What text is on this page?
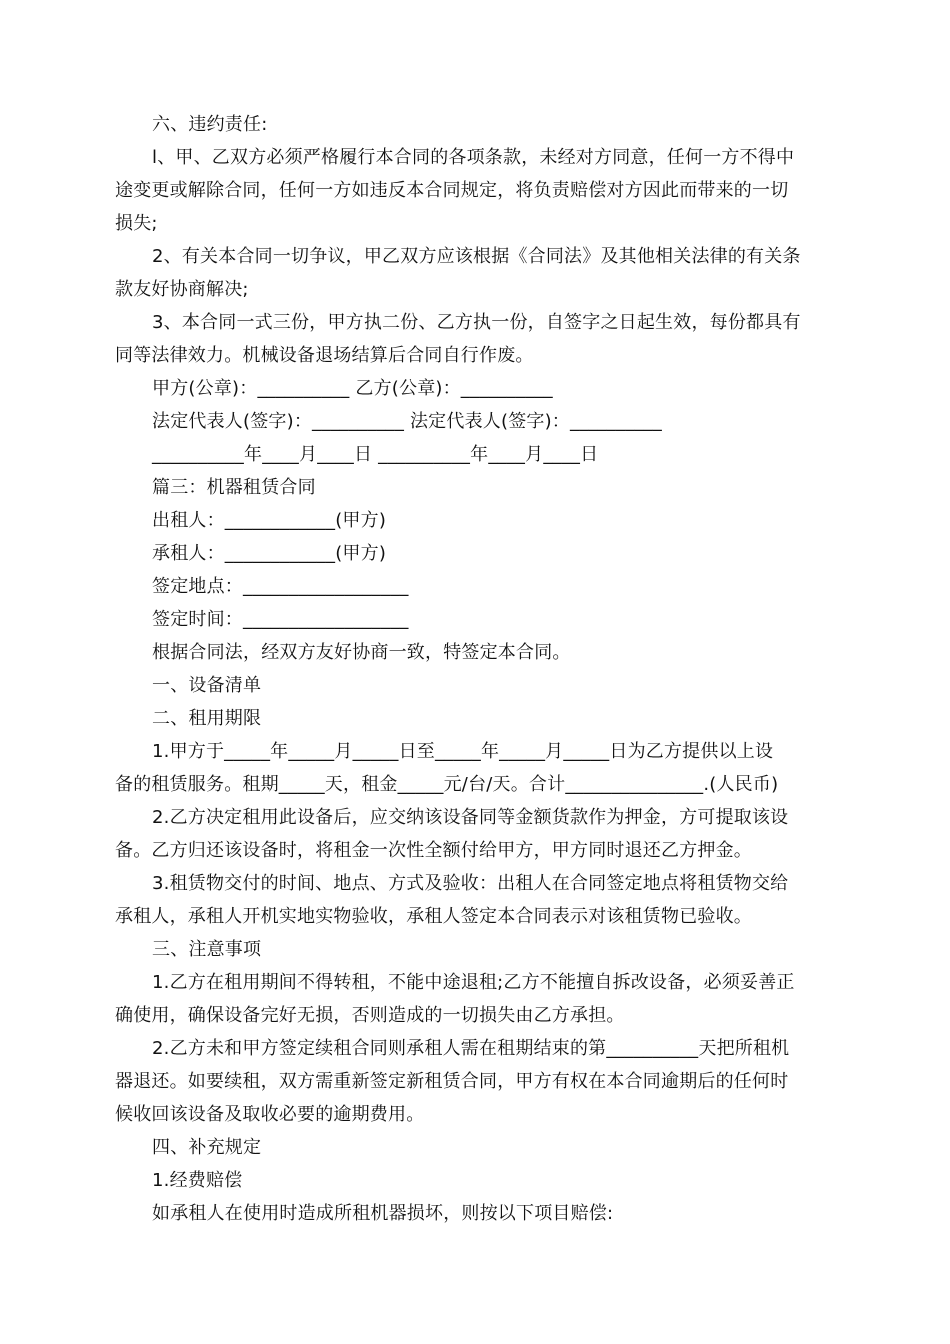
六、违约责任:
l、甲、乙双方必须严格履行本合同的各项条款，未经对方同意，任何一方不得中
途变更或解除合同，任何一方如违反本合同规定，将负责赔偿对方因此而带来的一切
损失;
2、有关本合同一切争议，甲乙双方应该根据《合同法》及其他相关法律的有关条
款友好协商解决;
3、本合同一式三份，甲方执二份、乙方执一份，自签字之日起生效，每份都具有
同等法律效力。机械设备退场结算后合同自行作废。
甲方(公章)：__________ 乙方(公章)：__________
法定代表人(签字)：__________ 法定代表人(签字)：__________
__________年____月____日 __________年____月____日
篇三：机器租赁合同
出租人：____________(甲方)
承租人：____________(甲方)
签定地点：__________________
签定时间：__________________
根据合同法，经双方友好协商一致，特签定本合同。
一、设备清单
二、租用期限
1.甲方于_____年_____月_____日至_____年_____月_____日为乙方提供以上设
备的租赁服务。租期_____天，租金_____元/台/天。合计_______________.(人民币)
2.乙方决定租用此设备后，应交纳该设备同等金额货款作为押金，方可提取该设
备。乙方归还该设备时，将租金一次性全额付给甲方，甲方同时退还乙方押金。
3.租赁物交付的时间、地点、方式及验收：出租人在合同签定地点将租赁物交给
承租人，承租人开机实地实物验收，承租人签定本合同表示对该租赁物已验收。
三、注意事项
1.乙方在租用期间不得转租，不能中途退租;乙方不能擅自拆改设备，必须妥善正
确使用，确保设备完好无损，否则造成的一切损失由乙方承担。
2.乙方未和甲方签定续租合同则承租人需在租期结束的第__________天把所租机
器退还。如要续租，双方需重新签定新租赁合同，甲方有权在本合同逾期后的任何时
候收回该设备及取收必要的逾期费用。
四、补充规定
1.经费赔偿
如承租人在使用时造成所租机器损坏，则按以下项目赔偿:
